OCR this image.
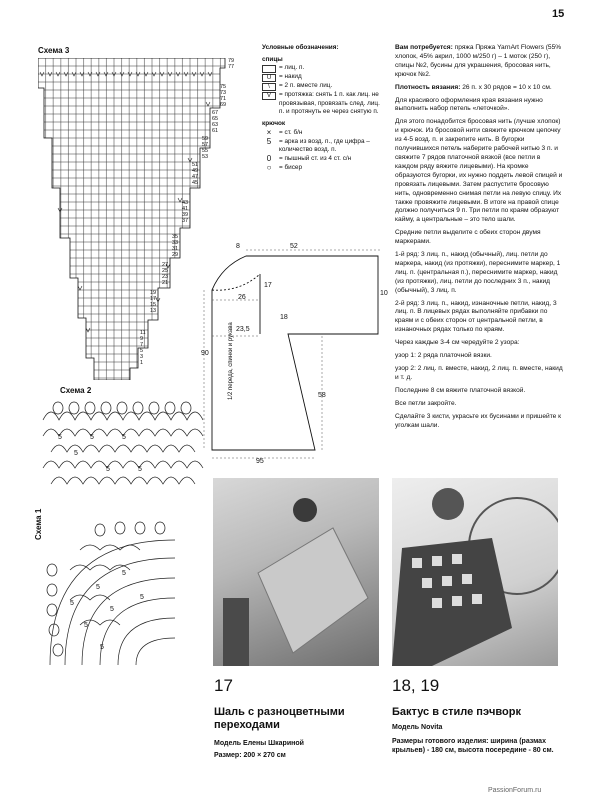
15
Схема 3
79
77
75
73
71
69
67
65
63
61
59
57
55
53
51
49
47
45
43
41
39
37
35
33
31
29
27
25
23
21
19
17
15
13
11
9
7
5
3
1
Схема 2
5	5	5
5
5	5
Схема 1
5
5
5
5
5
5
5
Условные обозначения:
спицы
= лиц. п.
U	= накид
\	= 2 п. вместе лиц.
V	= протяжка: снять 1 п. как лиц. не провязывая, провязать след. лиц. п. и протянуть ее через снятую п.
крючок
×	= ст. б/н
5	= арка из возд. п., где цифра – количество возд. п.
0	= пышный ст. из 4 ст. с/н
○	= бисер
52
8
10
17
26
18
23,5
90
58
95
1/2 переда, спинки и рукава

Вам потребуется: пряжа Пряжа YarnArt Flowers (55% хлопок, 45% акрил, 1000 м/250 г) – 1 моток (250 г), спицы №2, бусины для украшения, бросовая нить, крючок №2.

Плотность вязания: 26 п. х 30 рядов = 10 х 10 см.

Для красивого оформления края вязания нужно выполнить набор петель «леточкой».

Для этого понадобится бросовая нить (лучше хлопок) и крючок. Из бросовой нити свяжите крючком цепочку из 4-5 возд. п. и закрепите нить. В бугорки получившихся петель наберите рабочей нитью 3 п. и свяжите 7 рядов платочной вязкой (все петли в каждом ряду вяжите лицевыми). На кромке образуются бугорки, их нужно поддеть левой спицей и провязать лицевыми. Затем распустите бросовую нить, одновременно снимая петли на левую спицу. Их также провяжите лицевыми. В итоге на правой спице должно получиться 9 п. Три петли по краям образуют кайму, а центральные – это тело шали.

Средние петли выделите с обеих сторон двумя маркерами.

1-й ряд: 3 лиц. п., накид (обычный), лиц. петли до маркера, накид (из протяжки), переснимите маркер, 1 лиц. п. (центральная п.), переснимите маркер, накид (из протяжки), лиц. петли до последних 3 п., накид (обычный), 3 лиц. п.

2-й ряд: 3 лиц. п., накид, изнаночные петли, накид, 3 лиц. п. В лицевых рядах выполняйте прибавки по краям и с обеих сторон от центральной петли, в изнаночных рядах только по краям.

Через каждые 3-4 см чередуйте 2 узора:

узор 1: 2 ряда платочной вязки.

узор 2: 2 лиц. п. вместе, накид, 2 лиц. п. вместе, накид и т. д.

Последние 8 см вяжите платочной вязкой.

Все петли закройте.

Сделайте 3 кисти, украсьте их бусинами и пришейте к уголкам шали.

17
Шаль с разноцветными переходами
Модель Елены Шкариной
Размер: 200 × 270 см
18, 19
Бактус в стиле пэчворк
Модель Novita
Размеры готового изделия: ширина (размах крыльев) - 180 см, высота посередине - 80 см.
PassionForum.ru
